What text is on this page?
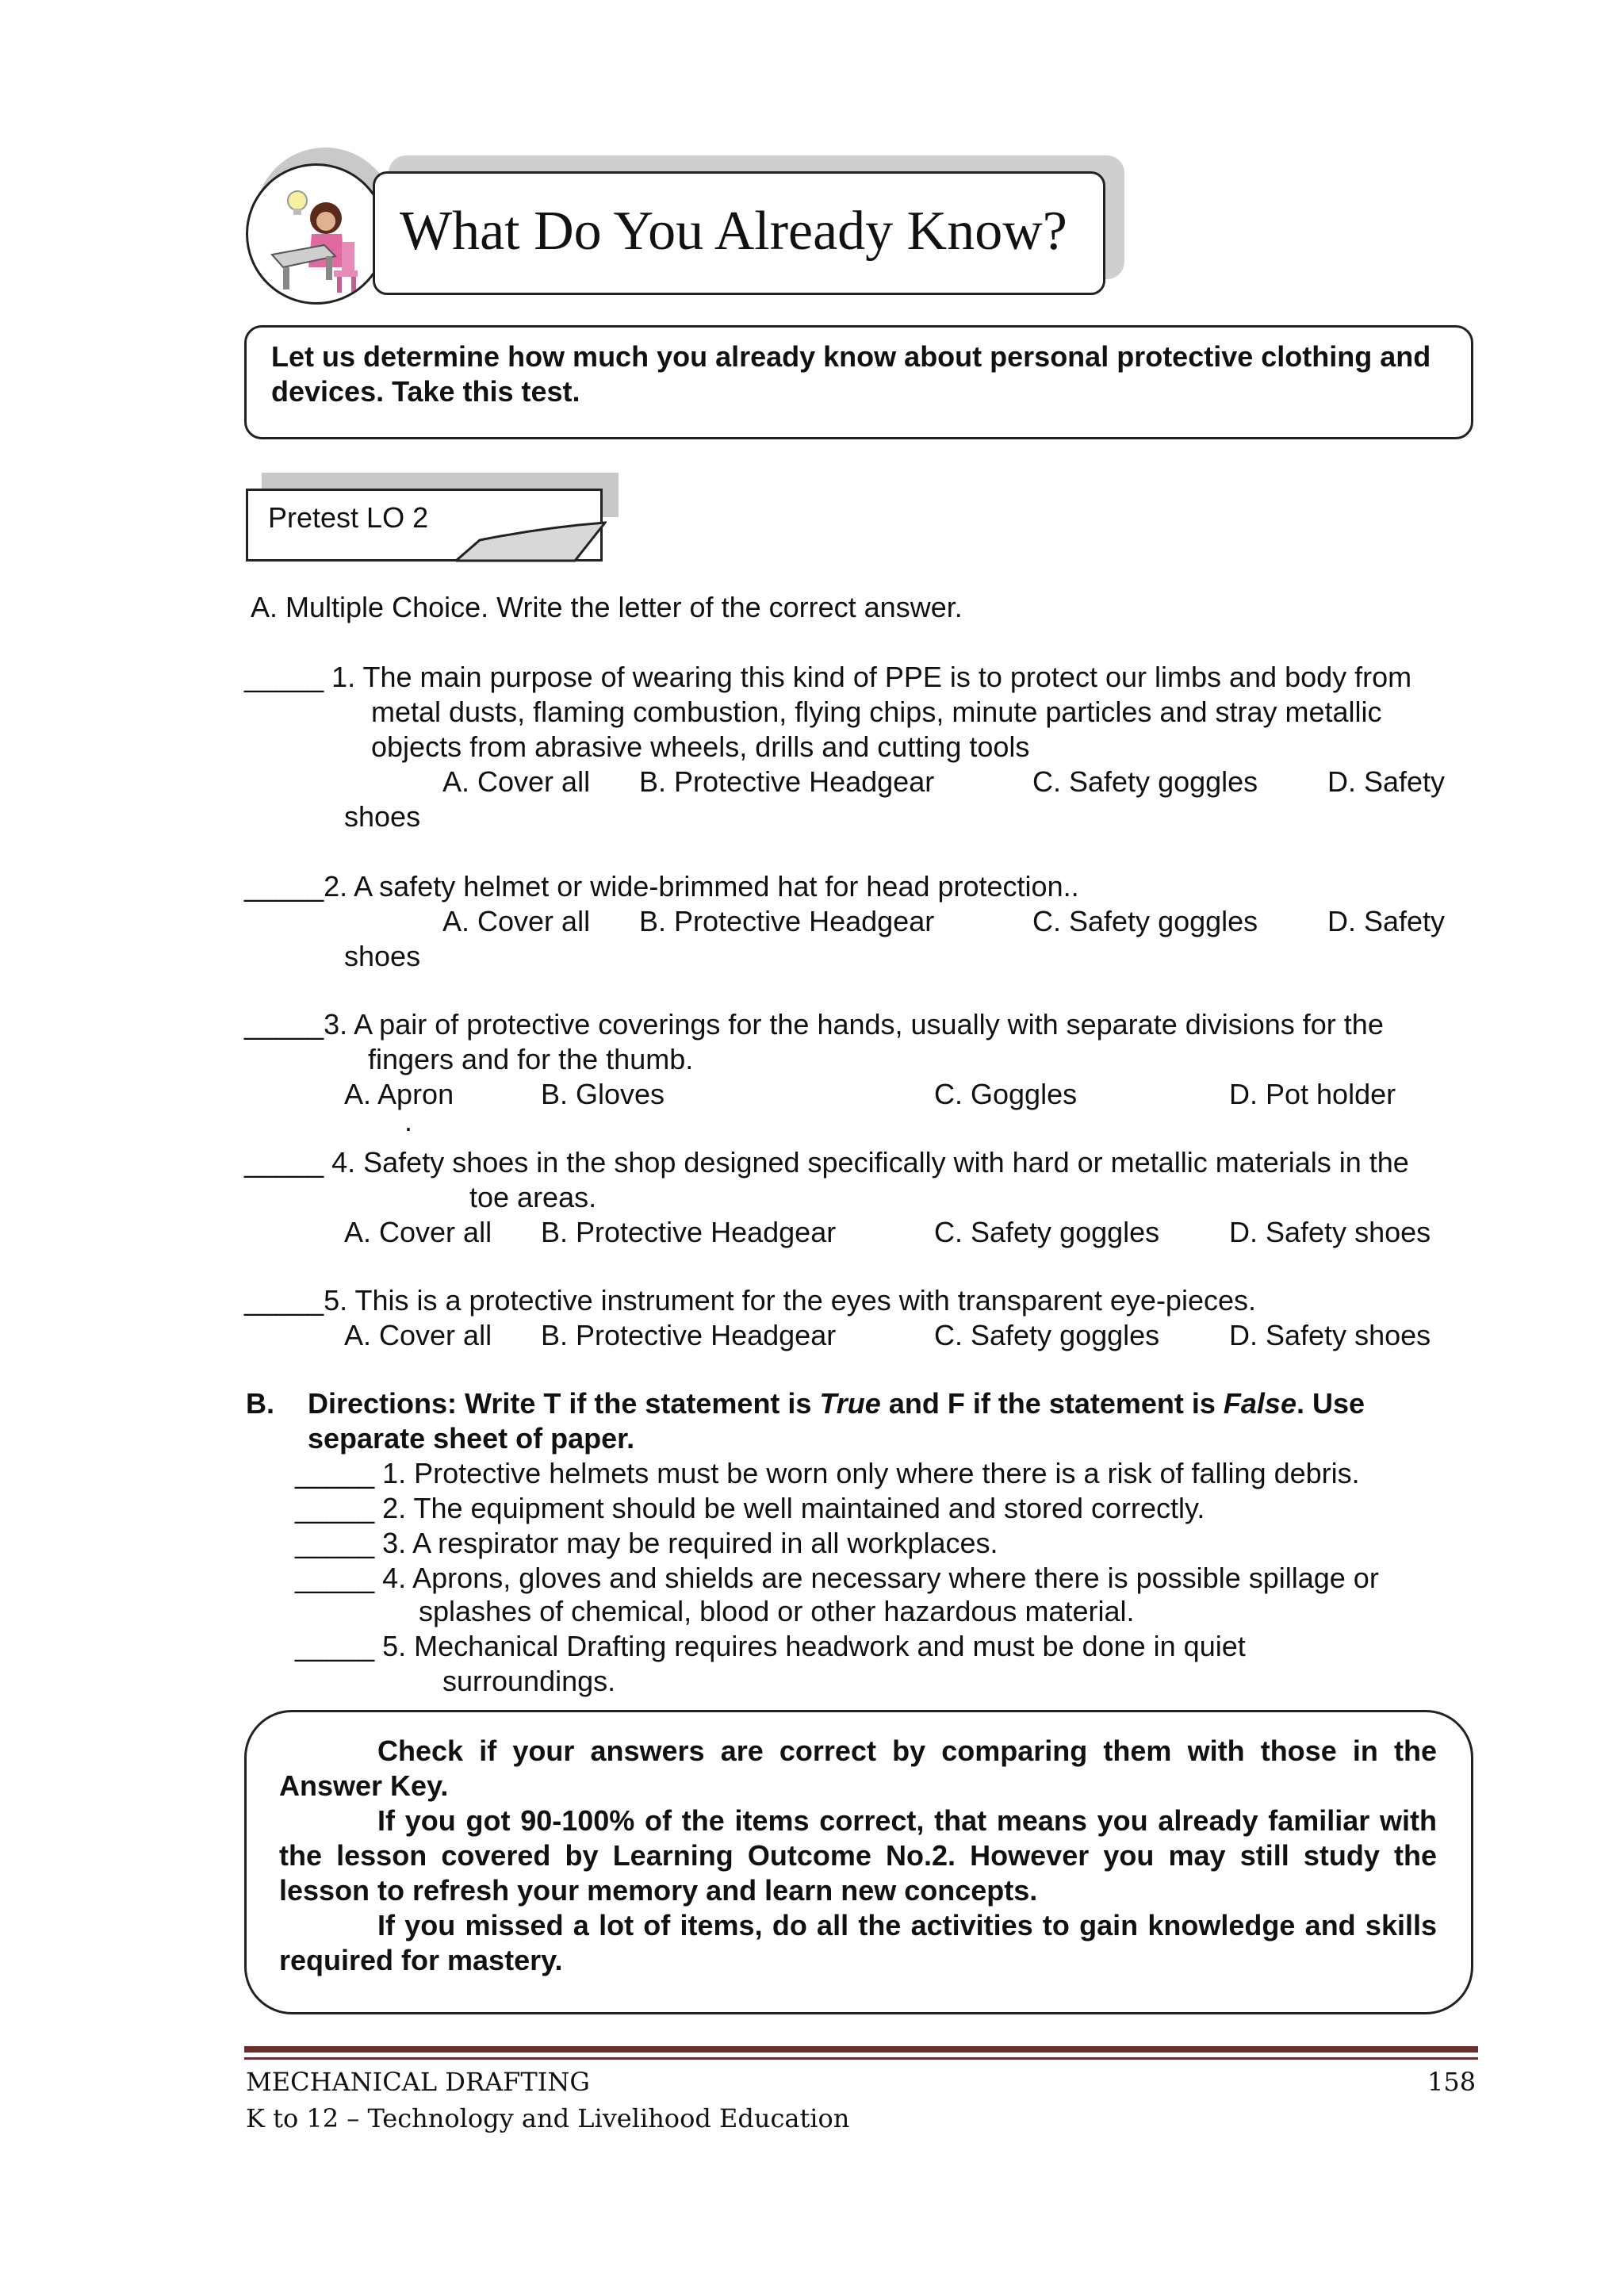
What Do You Already Know?
Let us determine how much you already know about personal protective clothing and devices. Take this test.
Pretest LO 2
A. Multiple Choice. Write the letter of the correct answer.
_____ 1. The main purpose of wearing this kind of PPE is to protect our limbs and body from
metal dusts, flaming combustion, flying chips, minute particles and stray metallic
objects from abrasive wheels, drills and cutting tools
A. Cover all B. Protective Headgear	C. Safety goggles D. Safety
shoes
_____2. A safety helmet or wide-brimmed hat for head protection..
A. Cover all B. Protective Headgear	C. Safety goggles D. Safety
shoes
_____3. A pair of protective coverings for the hands, usually with separate divisions for the
fingers and for the thumb.
A. Apron	B. Gloves	C. Goggles	D. Pot holder
.
_____ 4. Safety shoes in the shop designed specifically with hard or metallic materials in the
toe areas.
A. Cover all B. Protective Headgear	C. Safety goggles D. Safety shoes
_____5. This is a protective instrument for the eyes with transparent eye-pieces.
A. Cover all B. Protective Headgear	C. Safety goggles D. Safety shoes
B. Directions: Write T if the statement is True and F if the statement is False. Use
separate sheet of paper.
_____ 1. Protective helmets must be worn only where there is a risk of falling debris.
_____ 2. The equipment should be well maintained and stored correctly.
_____ 3. A respirator may be required in all workplaces.
_____ 4. Aprons, gloves and shields are necessary where there is possible spillage or
splashes of chemical, blood or other hazardous material.
_____ 5. Mechanical Drafting requires headwork and must be done in quiet
surroundings.

Check if your answers are correct by comparing them with those in the Answer Key.

If you got 90-100% of the items correct, that means you already familiar with the lesson covered by Learning Outcome No.2. However you may still study the lesson to refresh your memory and learn new concepts.

If you missed a lot of items, do all the activities to gain knowledge and skills required for mastery.

MECHANICAL DRAFTING
K to 12 – Technology and Livelihood Education
158
